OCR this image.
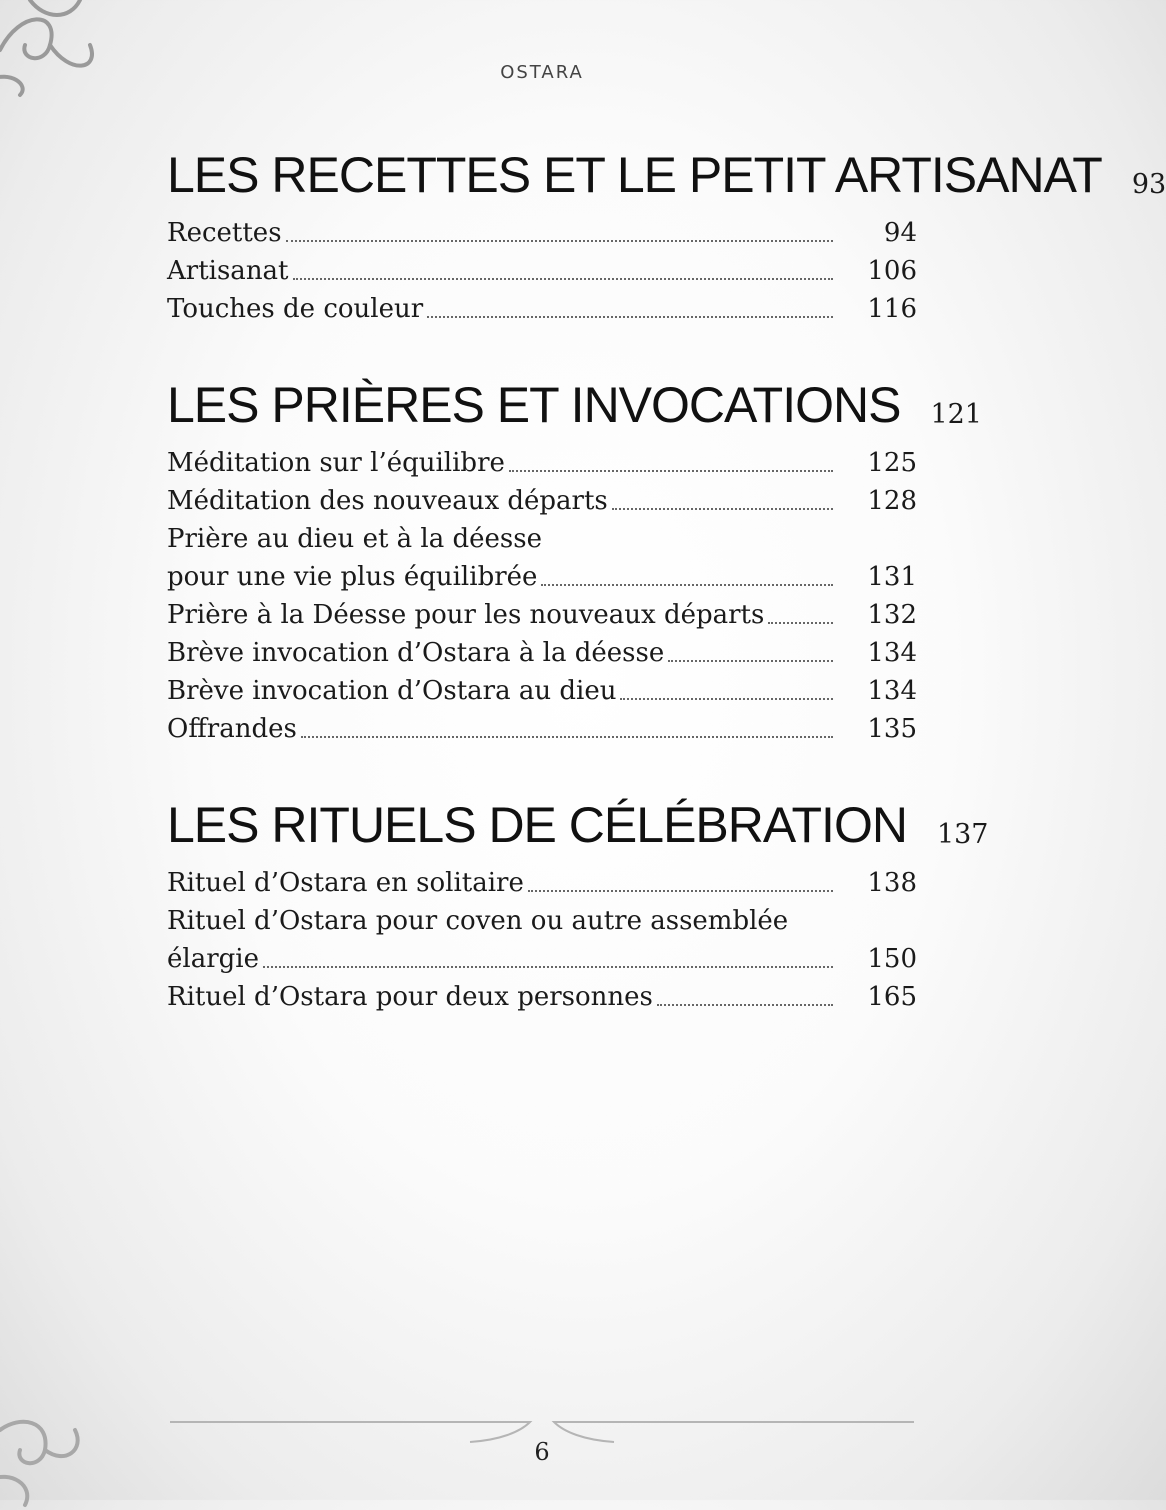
OSTARA
LES RECETTES ET LE PETIT ARTISANAT 93
Recettes	94
Artisanat	106
Touches de couleur	116
LES PRIÈRES ET INVOCATIONS 121
Méditation sur l’équilibre	125
Méditation des nouveaux départs	128
Prière au dieu et à la déesse
pour une vie plus équilibrée	131
Prière à la Déesse pour les nouveaux départs	132
Brève invocation d’Ostara à la déesse	134
Brève invocation d’Ostara au dieu	134
Offrandes	135
LES RITUELS DE CÉLÉBRATION 137
Rituel d’Ostara en solitaire	138
Rituel d’Ostara pour coven ou autre assemblée
élargie	150
Rituel d’Ostara pour deux personnes	165
6
